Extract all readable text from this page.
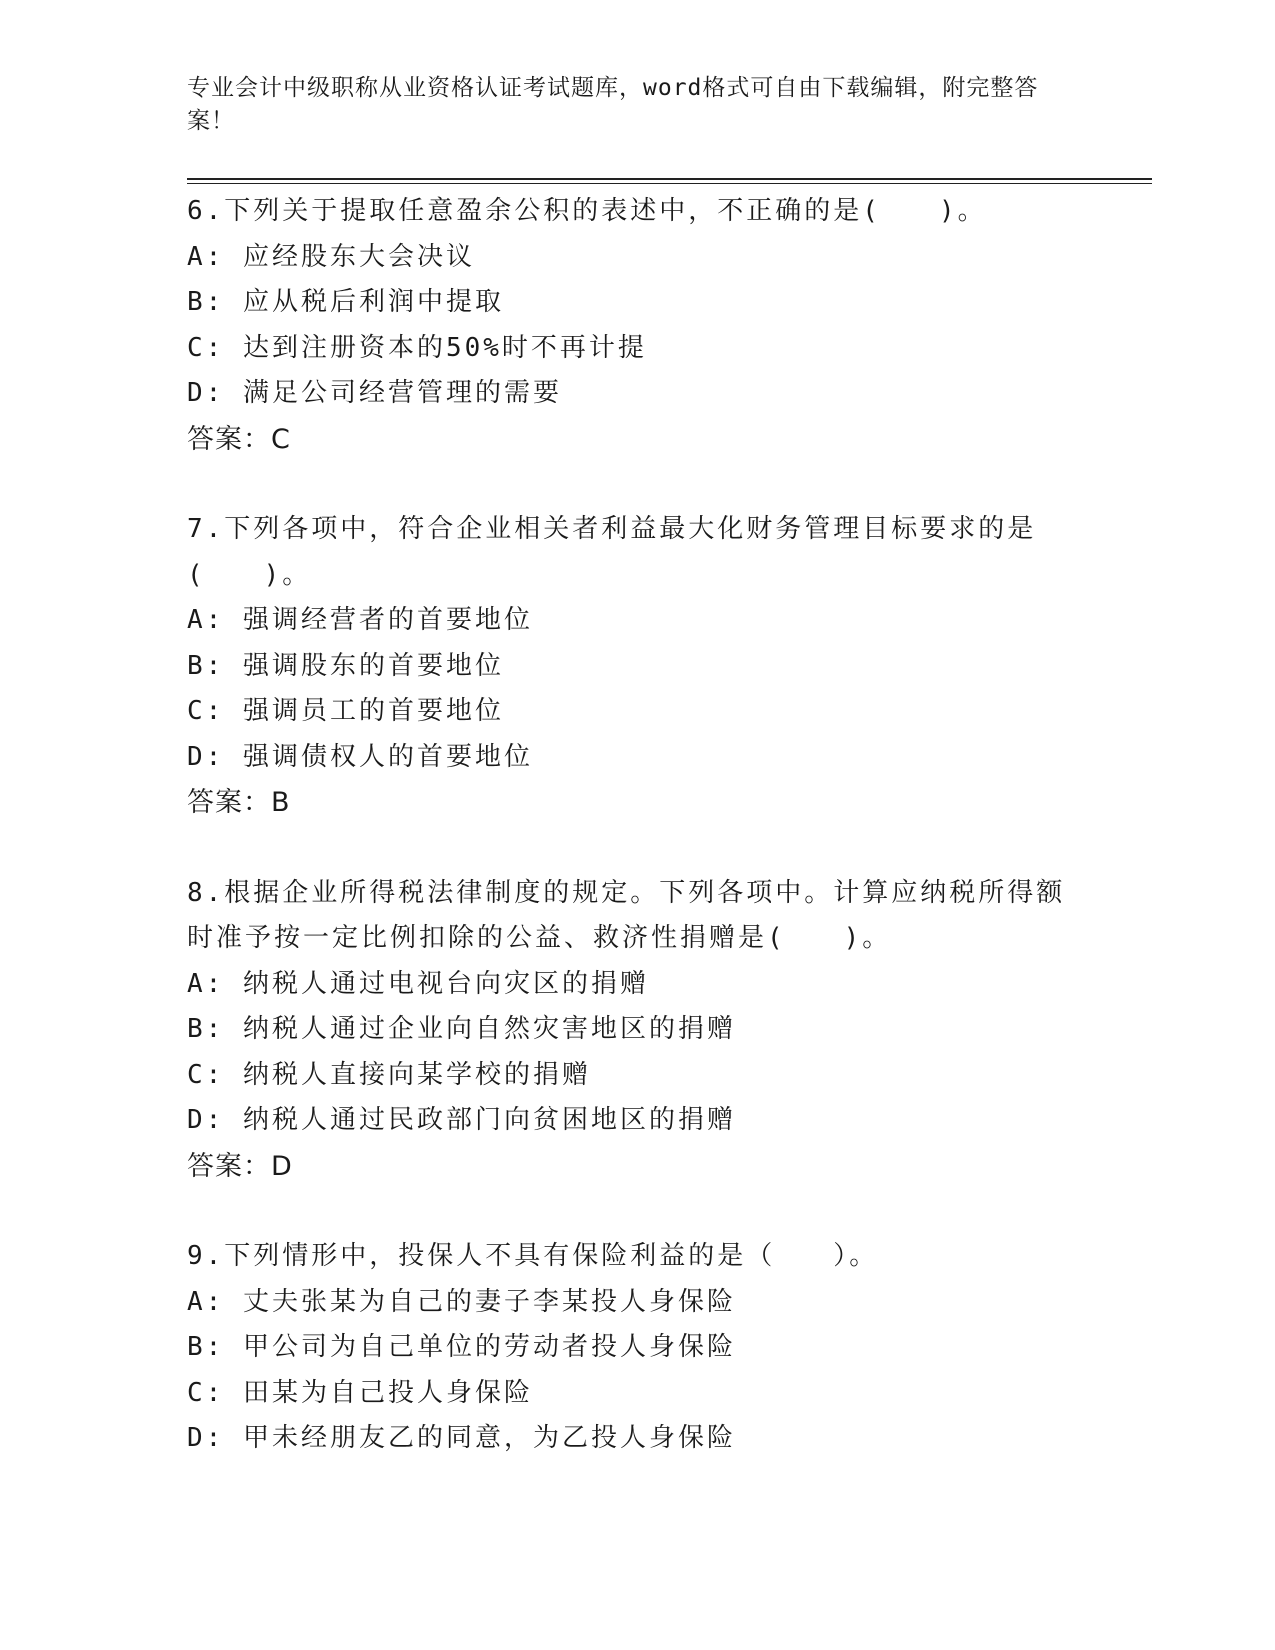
专业会计中级职称从业资格认证考试题库，word格式可自由下载编辑，附完整答案！
6.下列关于提取任意盈余公积的表述中，不正确的是(　　)。
A: 应经股东大会决议
B: 应从税后利润中提取
C: 达到注册资本的50%时不再计提
D: 满足公司经营管理的需要
答案：C
7.下列各项中，符合企业相关者利益最大化财务管理目标要求的是(　　)。
A: 强调经营者的首要地位
B: 强调股东的首要地位
C: 强调员工的首要地位
D: 强调债权人的首要地位
答案：B
8.根据企业所得税法律制度的规定。下列各项中。计算应纳税所得额时准予按一定比例扣除的公益、救济性捐赠是(　　)。
A: 纳税人通过电视台向灾区的捐赠
B: 纳税人通过企业向自然灾害地区的捐赠
C: 纳税人直接向某学校的捐赠
D: 纳税人通过民政部门向贫困地区的捐赠
答案：D
9.下列情形中，投保人不具有保险利益的是（　　）。
A: 丈夫张某为自己的妻子李某投人身保险
B: 甲公司为自己单位的劳动者投人身保险
C: 田某为自己投人身保险
D: 甲未经朋友乙的同意，为乙投人身保险
